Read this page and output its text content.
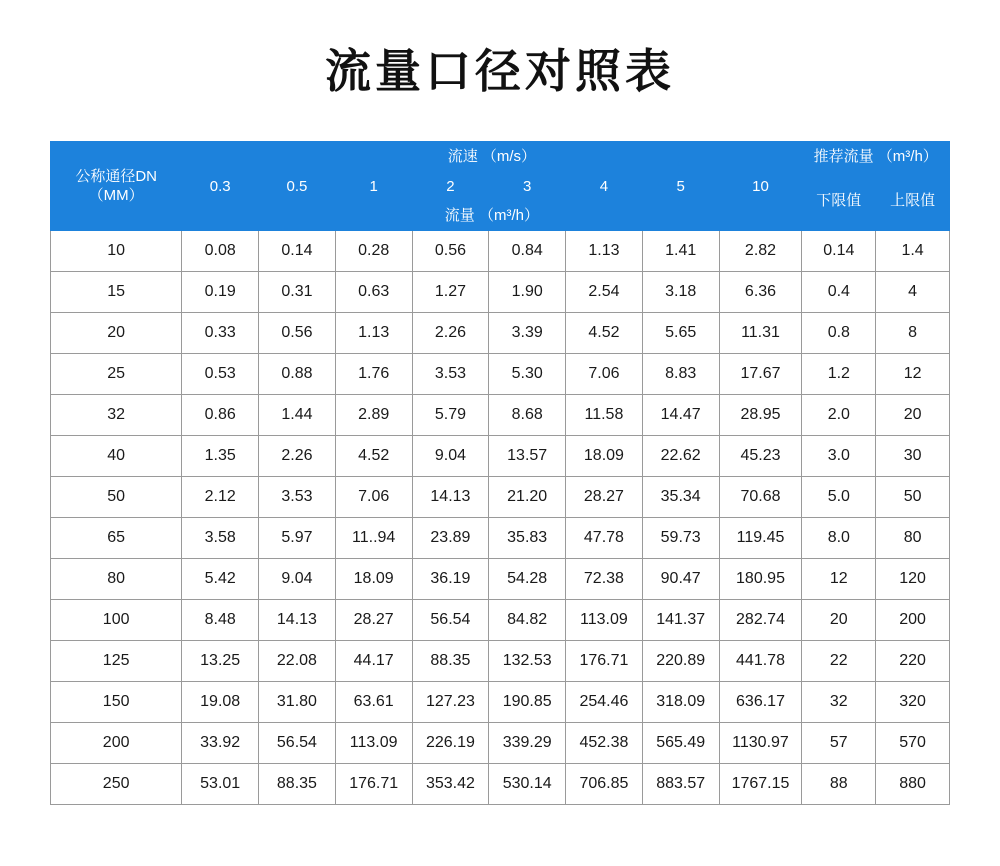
流量口径对照表
公称通径DN
（MM）	流速 （m/s）								推荐流量 （m³/h）	
	0.3	0.5	1	2	3	4	5	10	下限值	上限值
	流量 （m³/h）									
10	0.08	0.14	0.28	0.56	0.84	1.13	1.41	2.82	0.14	1.4
15	0.19	0.31	0.63	1.27	1.90	2.54	3.18	6.36	0.4	4
20	0.33	0.56	1.13	2.26	3.39	4.52	5.65	11.31	0.8	8
25	0.53	0.88	1.76	3.53	5.30	7.06	8.83	17.67	1.2	12
32	0.86	1.44	2.89	5.79	8.68	11.58	14.47	28.95	2.0	20
40	1.35	2.26	4.52	9.04	13.57	18.09	22.62	45.23	3.0	30
50	2.12	3.53	7.06	14.13	21.20	28.27	35.34	70.68	5.0	50
65	3.58	5.97	11..94	23.89	35.83	47.78	59.73	119.45	8.0	80
80	5.42	9.04	18.09	36.19	54.28	72.38	90.47	180.95	12	120
100	8.48	14.13	28.27	56.54	84.82	113.09	141.37	282.74	20	200
125	13.25	22.08	44.17	88.35	132.53	176.71	220.89	441.78	22	220
150	19.08	31.80	63.61	127.23	190.85	254.46	318.09	636.17	32	320
200	33.92	56.54	113.09	226.19	339.29	452.38	565.49	1130.97	57	570
250	53.01	88.35	176.71	353.42	530.14	706.85	883.57	1767.15	88	880
